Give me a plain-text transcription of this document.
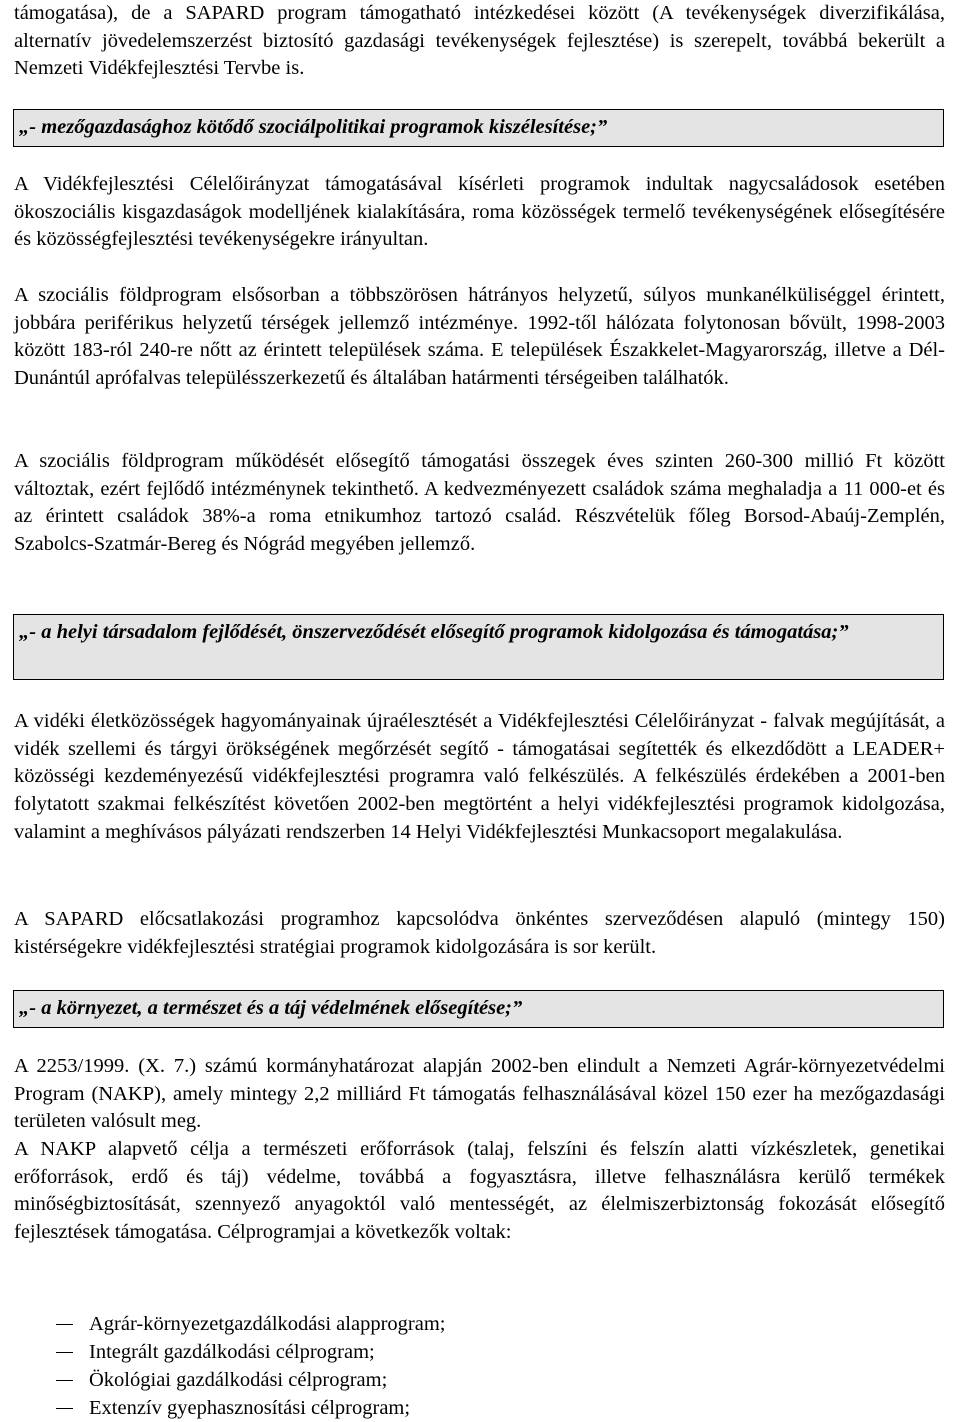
támogatása), de a SAPARD program támogatható intézkedései között (A tevékenységek diverzifikálása, alternatív jövedelemszerzést biztosító gazdasági tevékenységek fejlesztése) is szerepelt, továbbá bekerült a Nemzeti Vidékfejlesztési Tervbe is.

„- mezőgazdasághoz kötődő szociálpolitikai programok kiszélesítése;”

A Vidékfejlesztési Célelőirányzat támogatásával kísérleti programok indultak nagycsaládosok esetében ökoszociális kisgazdaságok modelljének kialakítására, roma közösségek termelő tevékenységének elősegítésére és közösségfejlesztési tevékenységekre irányultan.

A szociális földprogram elsősorban a többszörösen hátrányos helyzetű, súlyos munkanélküliséggel érintett, jobbára periférikus helyzetű térségek jellemző intézménye. 1992-től hálózata folytonosan bővült, 1998-2003 között 183-ról 240-re nőtt az érintett települések száma. E települések Északkelet-Magyarország, illetve a Dél-Dunántúl aprófalvas településszerkezetű és általában határmenti térségeiben találhatók.

A szociális földprogram működését elősegítő támogatási összegek éves szinten 260-300 millió Ft között változtak, ezért fejlődő intézménynek tekinthető. A kedvezményezett családok száma meghaladja a 11 000-et és az érintett családok 38%-a roma etnikumhoz tartozó család. Részvételük főleg Borsod-Abaúj-Zemplén, Szabolcs-Szatmár-Bereg és Nógrád megyében jellemző.

„- a helyi társadalom fejlődését, önszerveződését elősegítő programok kidolgozása és támogatása;”

A vidéki életközösségek hagyományainak újraélesztését a Vidékfejlesztési Célelőirányzat - falvak megújítását, a vidék szellemi és tárgyi örökségének megőrzését segítő - támogatásai segítették és elkezdődött a LEADER+ közösségi kezdeményezésű vidékfejlesztési programra való felkészülés. A felkészülés érdekében a 2001-ben folytatott szakmai felkészítést követően 2002-ben megtörtént a helyi vidékfejlesztési programok kidolgozása, valamint a meghívásos pályázati rendszerben 14 Helyi Vidékfejlesztési Munkacsoport megalakulása.

A SAPARD előcsatlakozási programhoz kapcsolódva önkéntes szerveződésen alapuló (mintegy 150) kistérségekre vidékfejlesztési stratégiai programok kidolgozására is sor került.

„- a környezet, a természet és a táj védelmének elősegítése;”

A 2253/1999. (X. 7.) számú kormányhatározat alapján 2002-ben elindult a Nemzeti Agrár-környezetvédelmi Program (NAKP), amely mintegy 2,2 milliárd Ft támogatás felhasználásával közel 150 ezer ha mezőgazdasági területen valósult meg.

A NAKP alapvető célja a természeti erőforrások (talaj, felszíni és felszín alatti vízkészletek, genetikai erőforrások, erdő és táj) védelme, továbbá a fogyasztásra, illetve felhasználásra kerülő termékek minőségbiztosítását, szennyező anyagoktól való mentességét, az élelmiszerbiztonság fokozását elősegítő fejlesztések támogatása. Célprogramjai a következők voltak:

Agrár-környezetgazdálkodási alapprogram;
Integrált gazdálkodási célprogram;
Ökológiai gazdálkodási célprogram;
Extenzív gyephasznosítási célprogram;
